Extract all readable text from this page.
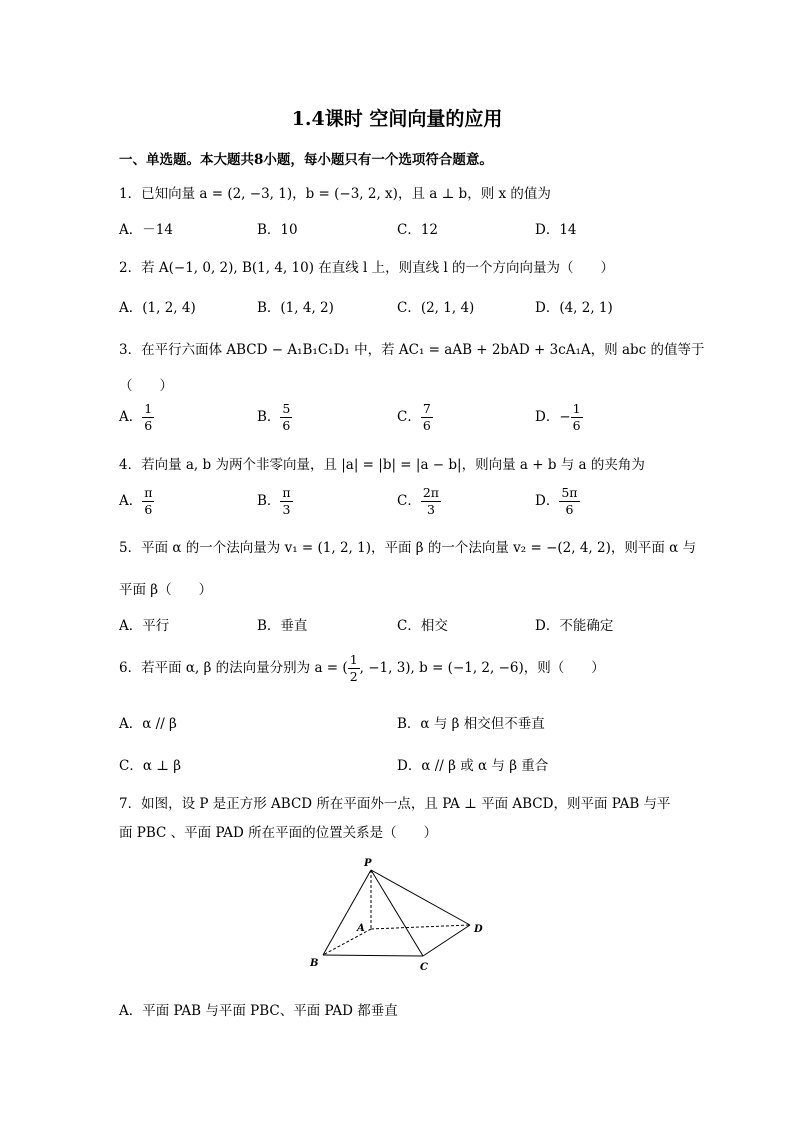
1.4课时 空间向量的应用
一、单选题。本大题共8小题，每小题只有一个选项符合题意。
1．已知向量 a = (2, −3, 1)，b = (−3, 2, x)，且 a ⊥ b，则 x 的值为
A．－14	B．10	C．12	D．14
2．若 A(−1, 0, 2), B(1, 4, 10) 在直线 l 上，则直线 l 的一个方向向量为（　　）
A．(1, 2, 4)	B．(1, 4, 2)	C．(2, 1, 4)	D．(4, 2, 1)
3．在平行六面体 ABCD − A₁B₁C₁D₁ 中，若 AC₁ = aAB + 2bAD + 3cA₁A，则 abc 的值等于
（　　）
A． $\frac{1}{6}$	B． $\frac{5}{6}$	C． $\frac{7}{6}$	D．− $\frac{1}{6}$
4．若向量 a, b 为两个非零向量，且 |a| = |b| = |a − b|，则向量 a + b 与 a 的夹角为
A． $\frac{\pi}{6}$	B． $\frac{\pi}{3}$	C． $\frac{2\pi}{3}$	D． $\frac{5\pi}{6}$
5．平面 α 的一个法向量为 v₁ = (1, 2, 1)，平面 β 的一个法向量 v₂ = −(2, 4, 2)，则平面 α 与
平面 β（　　）
A．平行	B．垂直	C．相交	D．不能确定
6．若平面 α, β 的法向量分别为 a = ( $\frac{1}{2}$ , −1, 3), b = (−1, 2, −6)，则（　　）
A．α // β	B．α 与 β 相交但不垂直
C．α ⊥ β	D．α // β 或 α 与 β 重合
7．如图，设 P 是正方形 ABCD 所在平面外一点，且 PA ⊥ 平面 ABCD，则平面 PAB 与平
面 PBC 、平面 PAD 所在平面的位置关系是（　　）
P
A
B	C
D
A．平面 PAB 与平面 PBC、平面 PAD 都垂直
